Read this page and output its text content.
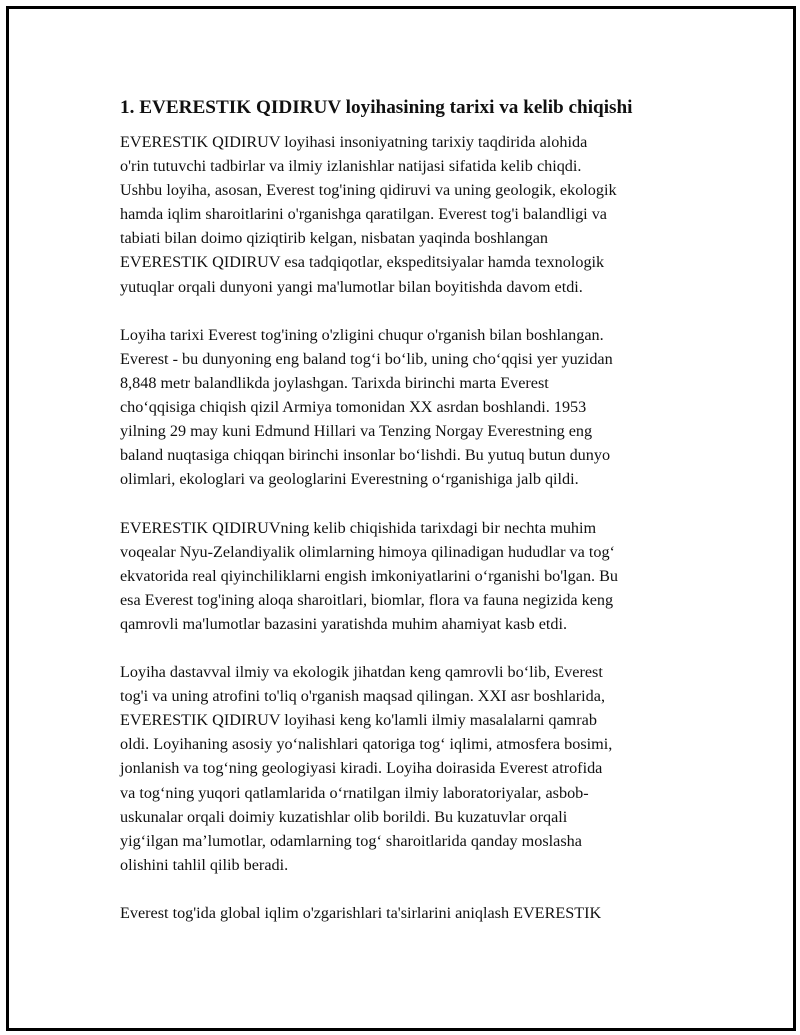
1. EVERESTIK QIDIRUV loyihasining tarixi va kelib chiqishi

EVERESTIK QIDIRUV loyihasi insoniyatning tarixiy taqdirida alohida
o'rin tutuvchi tadbirlar va ilmiy izlanishlar natijasi sifatida kelib chiqdi.
Ushbu loyiha, asosan, Everest tog'ining qidiruvi va uning geologik, ekologik
hamda iqlim sharoitlarini o'rganishga qaratilgan. Everest tog'i balandligi va
tabiati bilan doimo qiziqtirib kelgan, nisbatan yaqinda boshlangan
EVERESTIK QIDIRUV esa tadqiqotlar, ekspeditsiyalar hamda texnologik
yutuqlar orqali dunyoni yangi ma'lumotlar bilan boyitishda davom etdi.

Loyiha tarixi Everest tog'ining o'zligini chuqur o'rganish bilan boshlangan.
Everest - bu dunyoning eng baland tog‘i bo‘lib, uning cho‘qqisi yer yuzidan
8,848 metr balandlikda joylashgan. Tarixda birinchi marta Everest
cho‘qqisiga chiqish qizil Armiya tomonidan XX asrdan boshlandi. 1953
yilning 29 may kuni Edmund Hillari va Tenzing Norgay Everestning eng
baland nuqtasiga chiqqan birinchi insonlar bo‘lishdi. Bu yutuq butun dunyo
olimlari, ekologlari va geologlarini Everestning o‘rganishiga jalb qildi.

EVERESTIK QIDIRUVning kelib chiqishida tarixdagi bir nechta muhim
voqealar Nyu-Zelandiyalik olimlarning himoya qilinadigan hududlar va tog‘
ekvatorida real qiyinchiliklarni engish imkoniyatlarini o‘rganishi bo'lgan. Bu
esa Everest tog'ining aloqa sharoitlari, biomlar, flora va fauna negizida keng
qamrovli ma'lumotlar bazasini yaratishda muhim ahamiyat kasb etdi.

Loyiha dastavval ilmiy va ekologik jihatdan keng qamrovli bo‘lib, Everest
tog'i va uning atrofini to'liq o'rganish maqsad qilingan. XXI asr boshlarida,
EVERESTIK QIDIRUV loyihasi keng ko'lamli ilmiy masalalarni qamrab
oldi. Loyihaning asosiy yo‘nalishlari qatoriga tog‘ iqlimi, atmosfera bosimi,
jonlanish va tog‘ning geologiyasi kiradi. Loyiha doirasida Everest atrofida
va tog‘ning yuqori qatlamlarida o‘rnatilgan ilmiy laboratoriyalar, asbob-
uskunalar orqali doimiy kuzatishlar olib borildi. Bu kuzatuvlar orqali
yig‘ilgan ma’lumotlar, odamlarning tog‘ sharoitlarida qanday moslasha
olishini tahlil qilib beradi.

Everest tog'ida global iqlim o'zgarishlari ta'sirlarini aniqlash EVERESTIK
